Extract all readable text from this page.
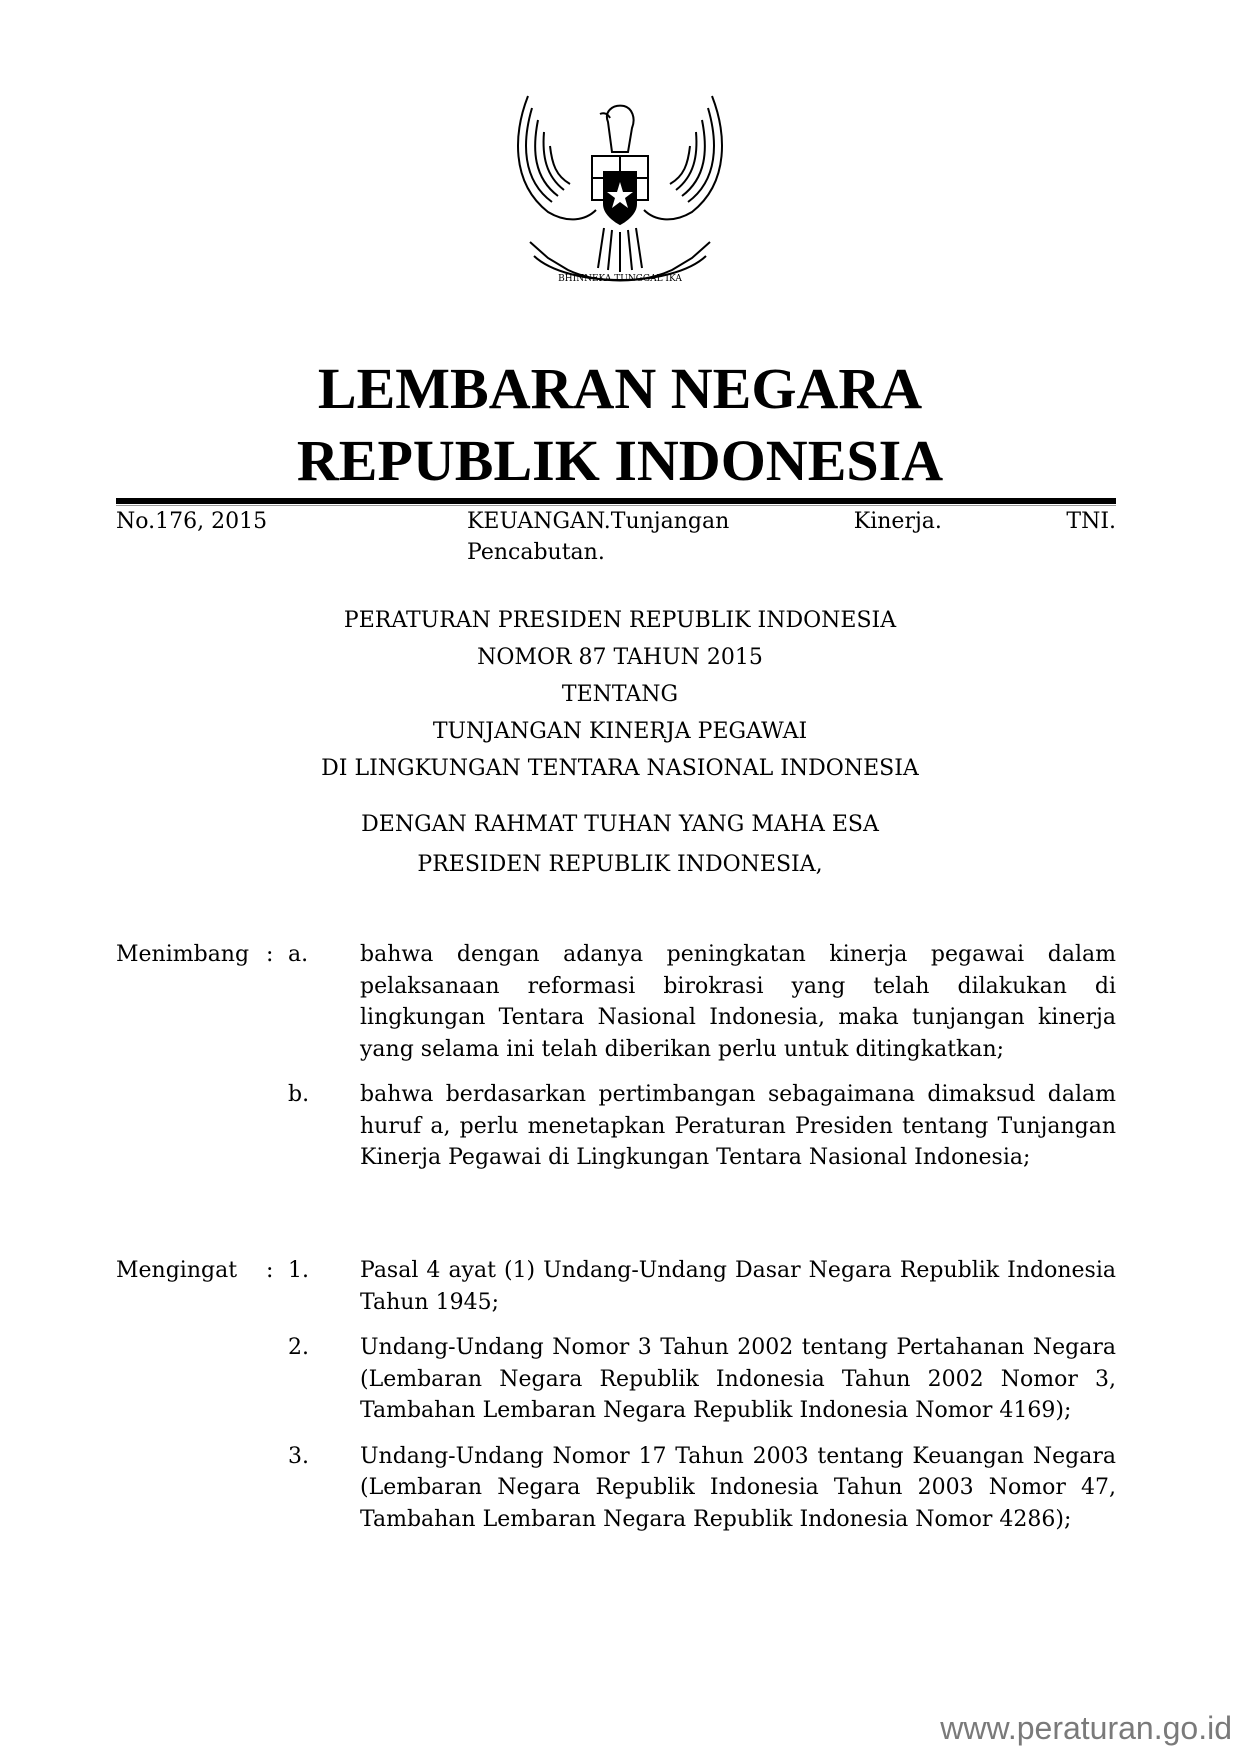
BHINNEKA TUNGGAL IKA
LEMBARAN NEGARA
REPUBLIK INDONESIA
No.176, 2015	KEUANGAN.Tunjangan	Kinerja.	TNI.
Pencabutan.
PERATURAN PRESIDEN REPUBLIK INDONESIA
NOMOR 87 TAHUN 2015
TENTANG
TUNJANGAN KINERJA PEGAWAI
DI LINGKUNGAN TENTARA NASIONAL INDONESIA
DENGAN RAHMAT TUHAN YANG MAHA ESA
PRESIDEN REPUBLIK INDONESIA,
Menimbang : a.	bahwa dengan adanya peningkatan kinerja pegawai dalam pelaksanaan reformasi birokrasi yang telah dilakukan di lingkungan Tentara Nasional Indonesia, maka tunjangan kinerja yang selama ini telah diberikan perlu untuk ditingkatkan;
b.	bahwa berdasarkan pertimbangan sebagaimana dimaksud dalam huruf a, perlu menetapkan Peraturan Presiden tentang Tunjangan Kinerja Pegawai di Lingkungan Tentara Nasional Indonesia;
Mengingat	: 1.	Pasal 4 ayat (1) Undang-Undang Dasar Negara Republik Indonesia Tahun 1945;
2.	Undang-Undang Nomor 3 Tahun 2002 tentang Pertahanan Negara (Lembaran Negara Republik Indonesia Tahun 2002 Nomor 3, Tambahan Lembaran Negara Republik Indonesia Nomor 4169);
3.	Undang-Undang Nomor 17 Tahun 2003 tentang Keuangan Negara (Lembaran Negara Republik Indonesia Tahun 2003 Nomor 47, Tambahan Lembaran Negara Republik Indonesia Nomor 4286);
www.peraturan.go.id
